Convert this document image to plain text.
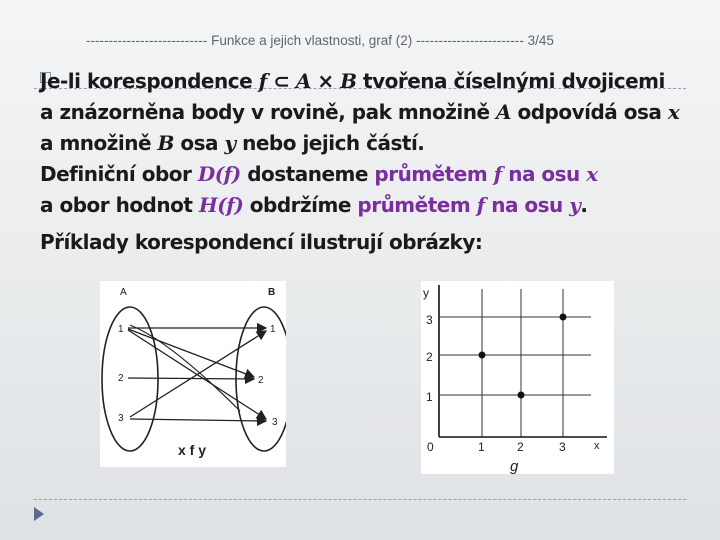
--------------------------- Funkce a jejich vlastnosti, graf (2) ------------------------ 3/45
Je-li korespondence f ⊂ A × B tvořena číselnými dvojicemi
a znázorněna body v rovině, pak množině A odpovídá osa x
a množině B osa y nebo jejich částí.
Definiční obor D(f) dostaneme průmětem f na osu x
a obor hodnot H(f) obdržíme průmětem f na osu y.
Příklady korespondencí ilustrují obrázky:
A	B
1
2
3
1
2
3
x f y
y
x
0	1	2	3
3
2
1
g
